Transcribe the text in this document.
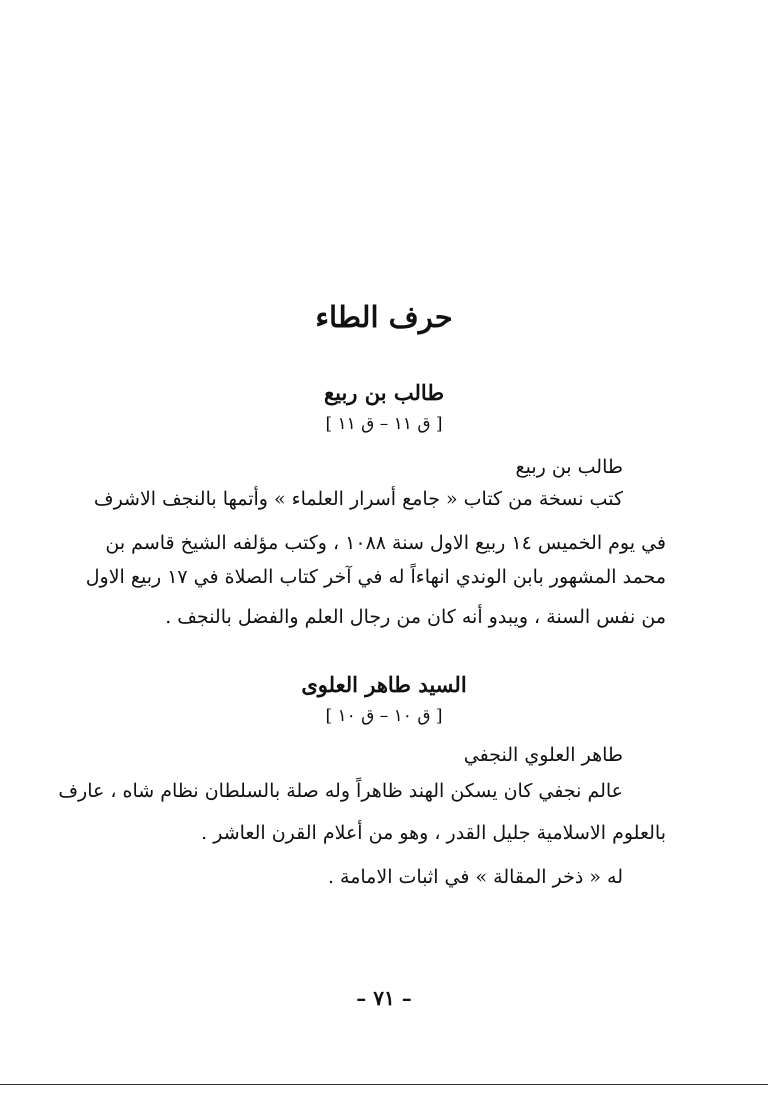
حرف الطاء
طالب بن ربيع
[ ق ١١ – ق ١١ ]
طالب بن ربيع
كتب نسخة من كتاب « جامع أسرار العلماء » وأتمها بالنجف الاشرف
في يوم الخميس ١٤ ربيع الاول سنة ١٠٨٨ ، وكتب مؤلفه الشيخ قاسم بن
محمد المشهور بابن الوندي انهاءاً له في آخر كتاب الصلاة في ١٧ ربيع الاول
من نفس السنة ، ويبدو أنه كان من رجال العلم والفضل بالنجف .
السيد طاهر العلوى
[ ق ١٠ – ق ١٠ ]
طاهر العلوي النجفي
عالم نجفي كان يسكن الهند ظاهراً وله صلة بالسلطان نظام شاه ، عارف
بالعلوم الاسلامية جليل القدر ، وهو من أعلام القرن العاشر .
له « ذخر المقالة » في اثبات الامامة .
– ٧١ –
